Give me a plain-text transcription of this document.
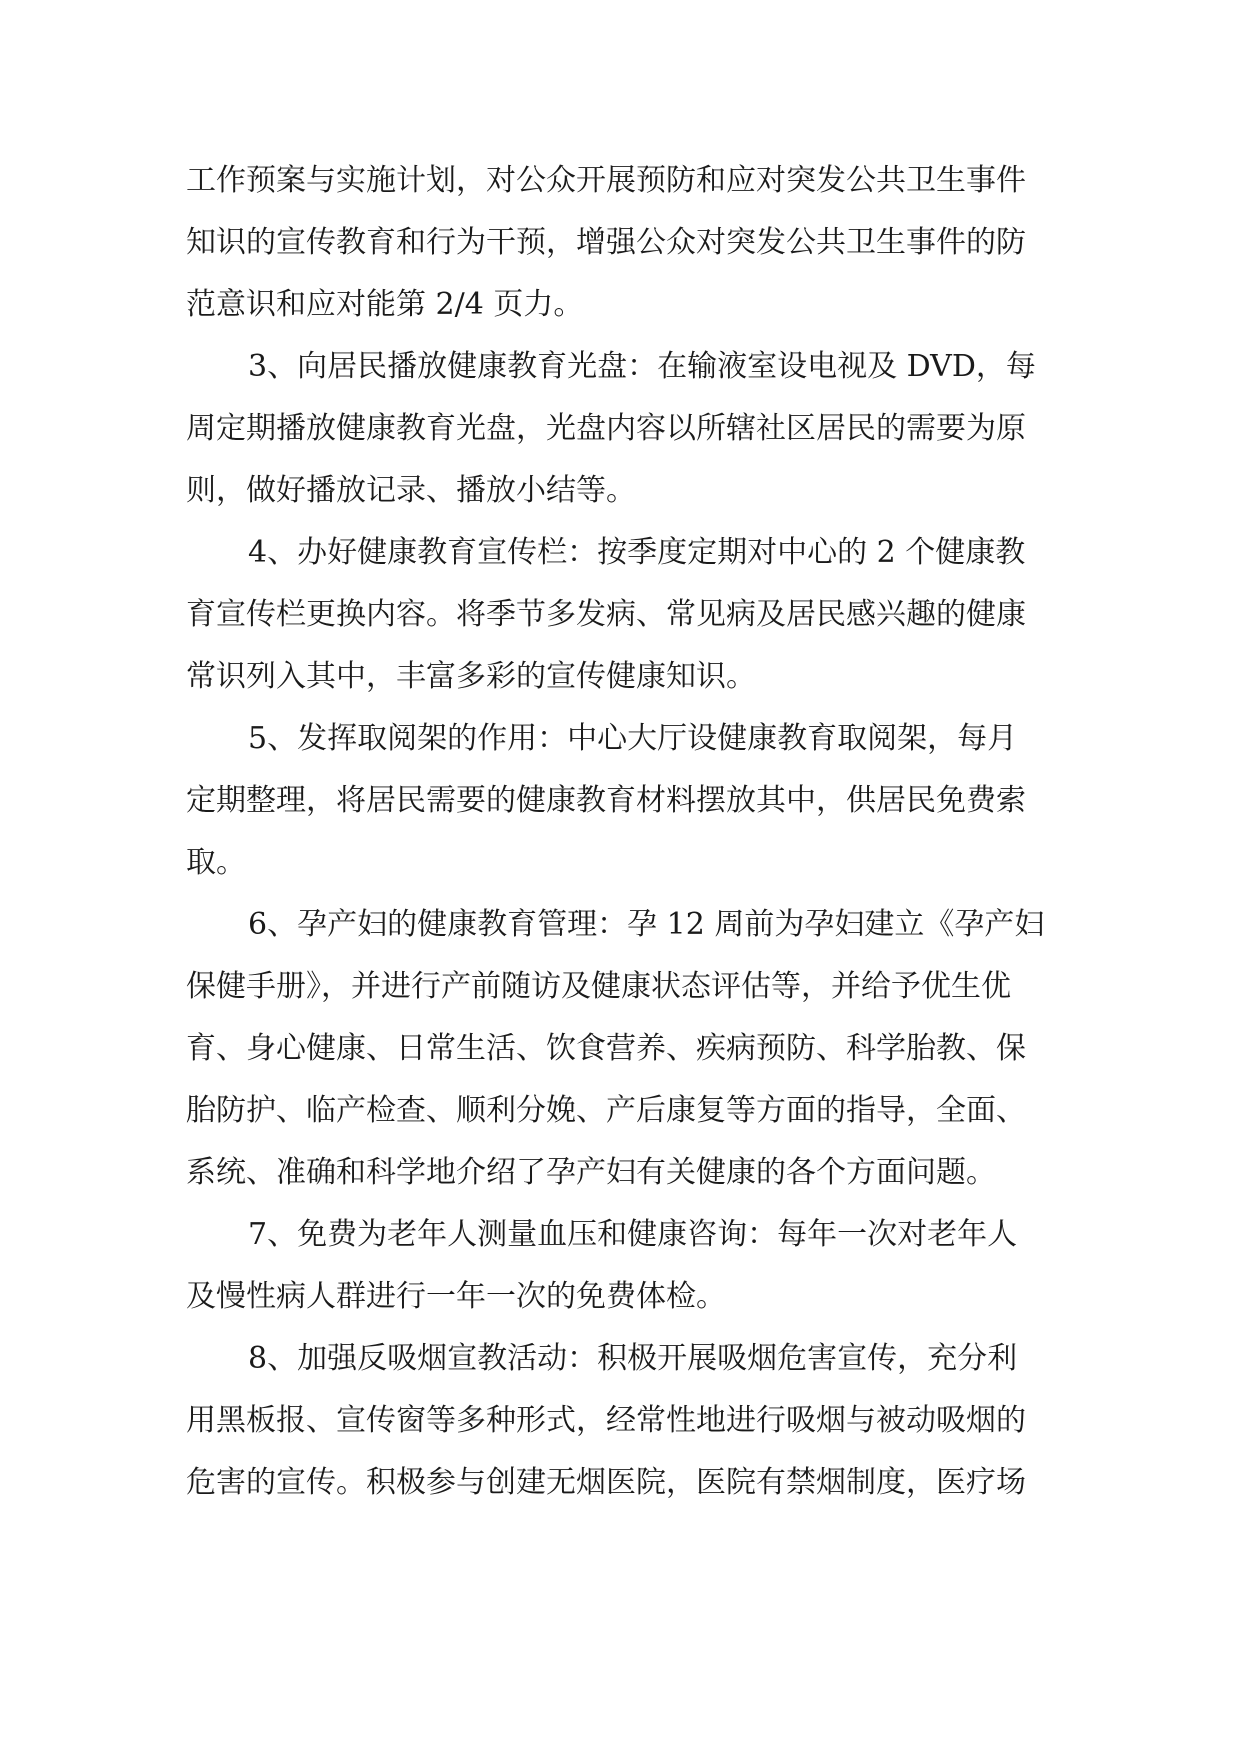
工作预案与实施计划，对公众开展预防和应对突发公共卫生事件
知识的宣传教育和行为干预，增强公众对突发公共卫生事件的防
范意识和应对能第 2/4 页力。
3、向居民播放健康教育光盘：在输液室设电视及 DVD，每
周定期播放健康教育光盘，光盘内容以所辖社区居民的需要为原
则，做好播放记录、播放小结等。
4、办好健康教育宣传栏：按季度定期对中心的 2 个健康教
育宣传栏更换内容。将季节多发病、常见病及居民感兴趣的健康
常识列入其中，丰富多彩的宣传健康知识。
5、发挥取阅架的作用：中心大厅设健康教育取阅架，每月
定期整理，将居民需要的健康教育材料摆放其中，供居民免费索
取。
6、孕产妇的健康教育管理：孕 12 周前为孕妇建立《孕产妇
保健手册》，并进行产前随访及健康状态评估等，并给予优生优
育、身心健康、日常生活、饮食营养、疾病预防、科学胎教、保
胎防护、临产检查、顺利分娩、产后康复等方面的指导，全面、
系统、准确和科学地介绍了孕产妇有关健康的各个方面问题。
7、免费为老年人测量血压和健康咨询：每年一次对老年人
及慢性病人群进行一年一次的免费体检。
8、加强反吸烟宣教活动：积极开展吸烟危害宣传，充分利
用黑板报、宣传窗等多种形式，经常性地进行吸烟与被动吸烟的
危害的宣传。积极参与创建无烟医院，医院有禁烟制度，医疗场
